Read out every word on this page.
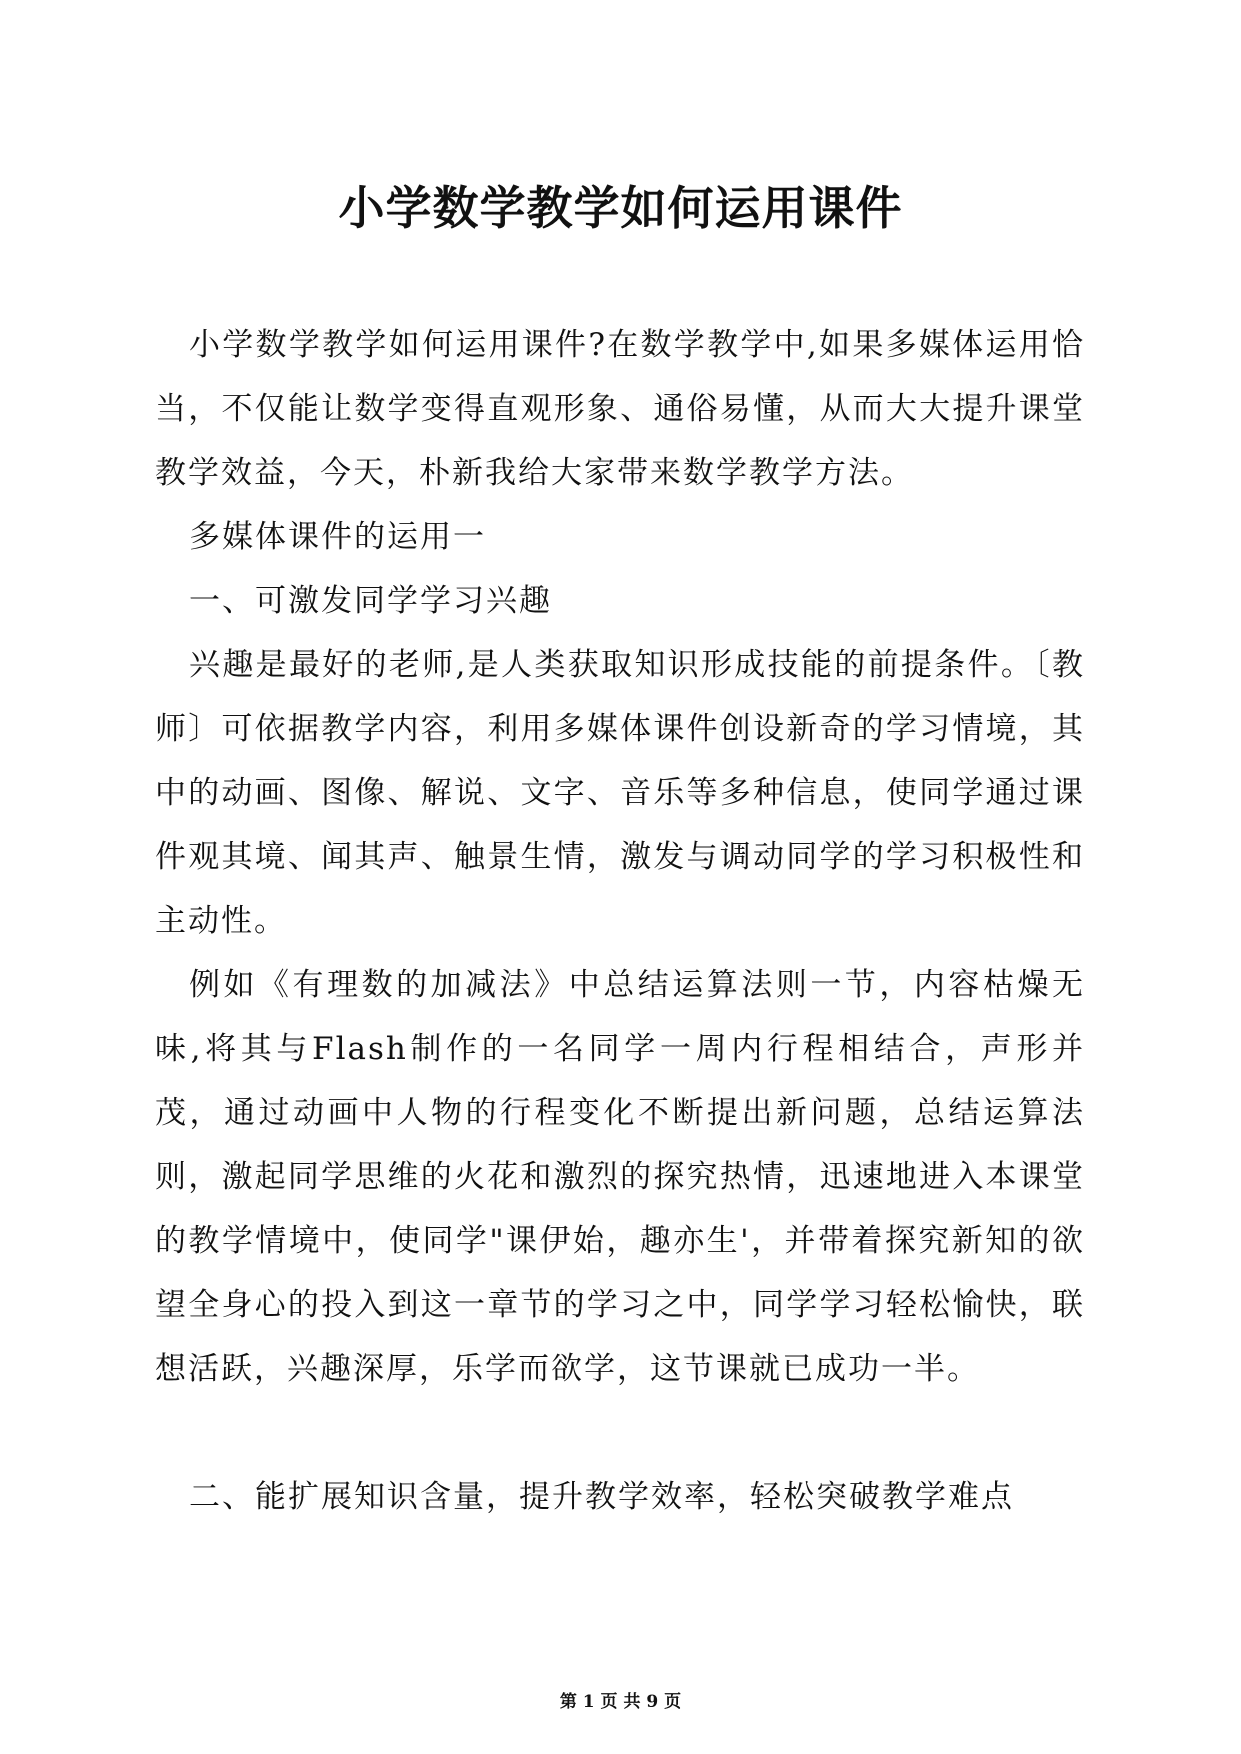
小学数学教学如何运用课件

小学数学教学如何运用课件?在数学教学中,如果多媒体运用恰当，不仅能让数学变得直观形象、通俗易懂，从而大大提升课堂教学效益，今天，朴新我给大家带来数学教学方法。

多媒体课件的运用一

一、可激发同学学习兴趣

兴趣是最好的老师,是人类获取知识形成技能的前提条件。〔教师〕可依据教学内容，利用多媒体课件创设新奇的学习情境，其中的动画、图像、解说、文字、音乐等多种信息，使同学通过课件观其境、闻其声、触景生情，激发与调动同学的学习积极性和主动性。

例如《有理数的加减法》中总结运算法则一节，内容枯燥无味,将其与Flash制作的一名同学一周内行程相结合，声形并茂，通过动画中人物的行程变化不断提出新问题，总结运算法则，激起同学思维的火花和激烈的探究热情，迅速地进入本课堂的教学情境中，使同学"课伊始，趣亦生'，并带着探究新知的欲望全身心的投入到这一章节的学习之中，同学学习轻松愉快，联想活跃，兴趣深厚，乐学而欲学，这节课就已成功一半。

二、能扩展知识含量，提升教学效率，轻松突破教学难点

第 1 页 共 9 页
